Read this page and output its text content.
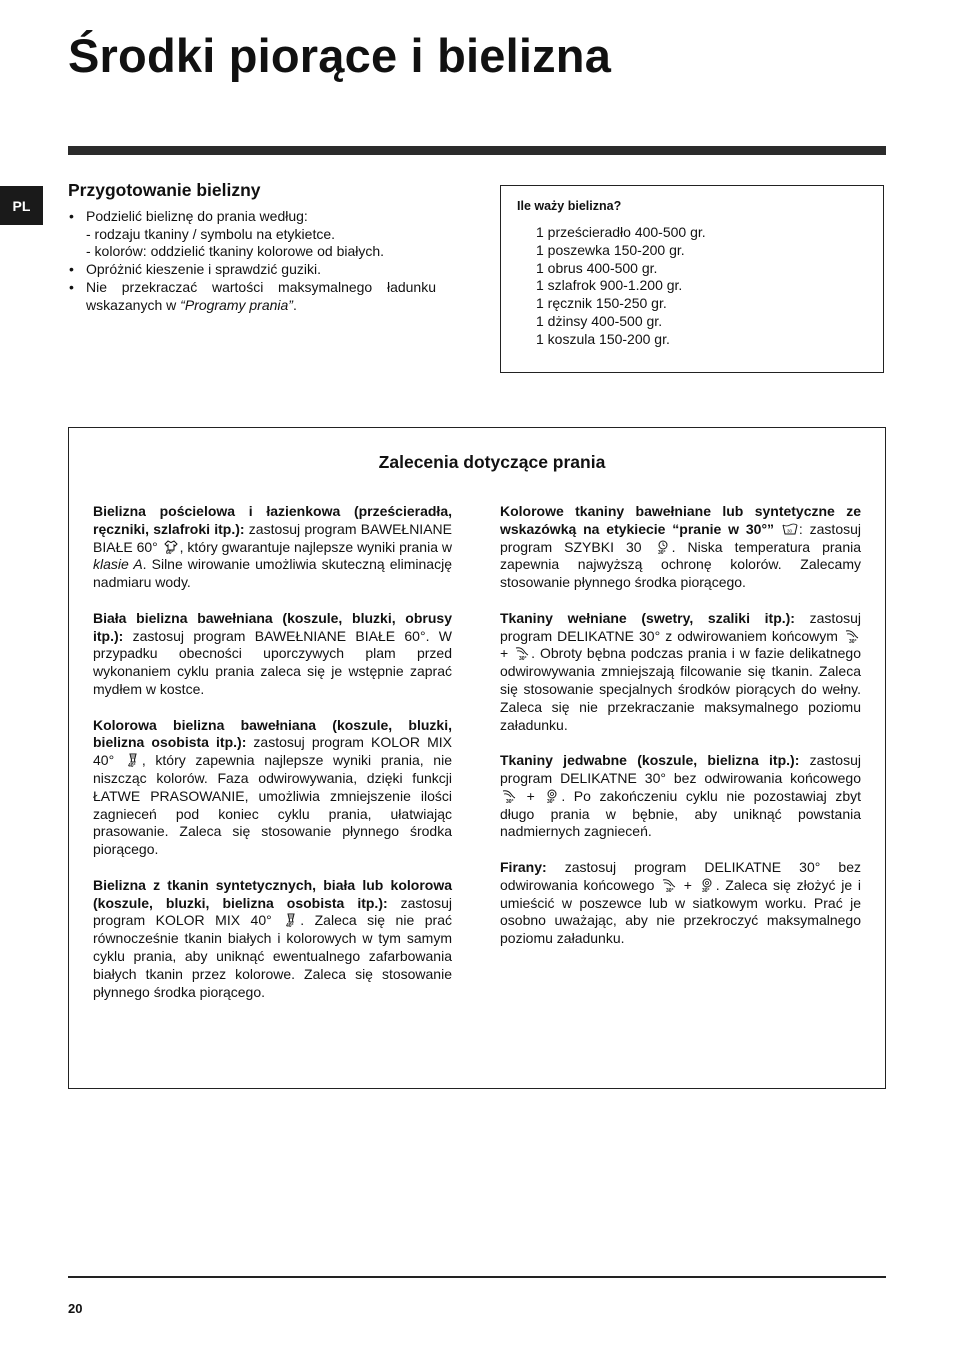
Środki piorące i bielizna
PL
Przygotowanie bielizny
• Podzielić bieliznę do prania według:
- rodzaju tkaniny / symbolu na etykietce.
- kolorów: oddzielić tkaniny kolorowe od białych.
• Opróżnić kieszenie i sprawdzić guziki.
• Nie przekraczać wartości maksymalnego ładunku wskazanych w “Programy prania”.
Ile waży bielizna?
1 prześcieradło 400-500 gr.
1 poszewka 150-200 gr.
1 obrus 400-500 gr.
1 szlafrok 900-1.200 gr.
1 ręcznik 150-250 gr.
1 dżinsy 400-500 gr.
1 koszula 150-200 gr.
Zalecenia dotyczące prania

Bielizna pościelowa i łazienkowa (prześcieradła, ręczniki, szlafroki itp.): zastosuj program BAWEŁNIANE BIAŁE 60° 60° , który gwarantuje najlepsze wyniki prania w klasie A. Silne wirowanie umożliwia skuteczną eliminację nadmiaru wody.

Biała bielizna bawełniana (koszule, bluzki, obrusy itp.): zastosuj program BAWEŁNIANE BIAŁE 60°. W przypadku obecności uporczywych plam przed wykonaniem cyklu prania zaleca się je wstępnie zaprać mydłem w kostce.

Kolorowa bielizna bawełniana (koszule, bluzki, bielizna osobista itp.): zastosuj program KOLOR MIX 40° 40° , który zapewnia najlepsze wyniki prania, nie niszcząc kolorów. Faza odwirowywania, dzięki funkcji ŁATWE PRASOWANIE, umożliwia zmniejszenie ilości zagnieceń pod koniec cyklu prania, ułatwiając prasowanie. Zaleca się stosowanie płynnego środka piorącego.

Bielizna z tkanin syntetycznych, biała lub kolorowa (koszule, bluzki, bielizna osobista itp.): zastosuj program KOLOR MIX 40° 40° . Zaleca się nie prać równocześnie tkanin białych i kolorowych w tym samym cyklu prania, aby uniknąć ewentualnego zafarbowania białych tkanin przez kolorowe. Zaleca się stosowanie płynnego środka piorącego.

Kolorowe tkaniny bawełniane lub syntetyczne ze wskazówką na etykiecie “pranie w 30°” 30 : zastosuj program SZYBKI 30 30° . Niska temperatura prania zapewnia najwyższą ochronę kolorów. Zalecamy stosowanie płynnego środka piorącego.

Tkaniny wełniane (swetry, szaliki itp.): zastosuj program DELIKATNE 30° z odwirowaniem końcowym 30°
+ 30° . Obroty bębna podczas prania i w fazie delikatnego odwirowywania zmniejszają filcowanie się tkanin. Zaleca się stosowanie specjalnych środków piorących do wełny. Zaleca się nie przekraczanie maksymalnego poziomu załadunku.

Tkaniny jedwabne (koszule, bielizna itp.): zastosuj program DELIKATNE 30° bez odwirowania końcowego
30° + 30° . Po zakończeniu cyklu nie pozostawiaj zbyt długo prania w bębnie, aby uniknąć powstania nadmiernych zagnieceń.

Firany: zastosuj program DELIKATNE 30° bez odwirowania końcowego 30° + 30° . Zaleca się złożyć je i umieścić w poszewce lub w siatkowym worku. Prać je osobno uważając, aby nie przekroczyć maksymalnego poziomu załadunku.

20
